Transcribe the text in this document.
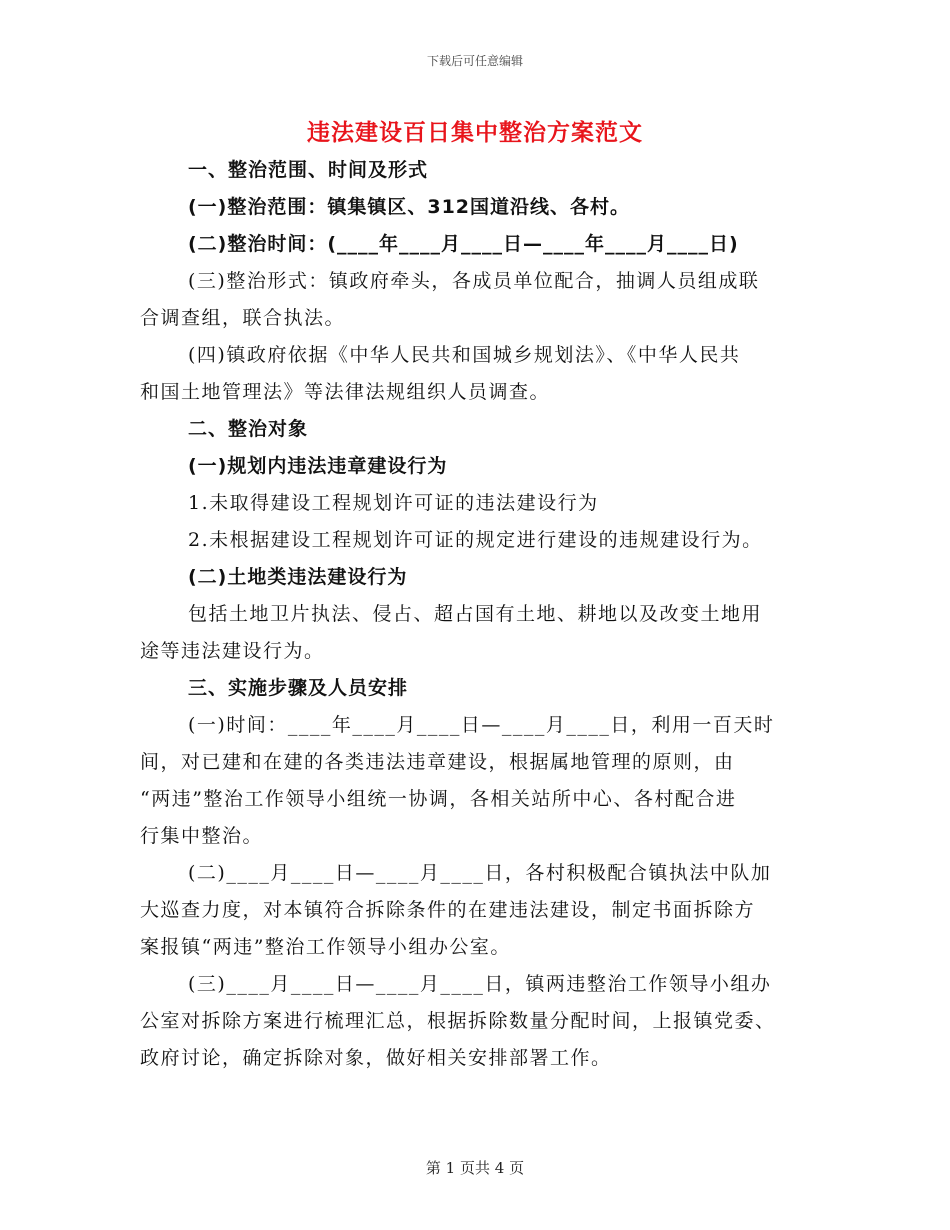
下载后可任意编辑
违法建设百日集中整治方案范文
一、整治范围、时间及形式
(一)整治范围：镇集镇区、312国道沿线、各村。
(二)整治时间：(____年____月____日—____年____月____日)
(三)整治形式：镇政府牵头，各成员单位配合，抽调人员组成联
合调查组，联合执法。
(四)镇政府依据《中华人民共和国城乡规划法》、《中华人民共
和国土地管理法》等法律法规组织人员调查。
二、整治对象
(一)规划内违法违章建设行为
1.未取得建设工程规划许可证的违法建设行为
2.未根据建设工程规划许可证的规定进行建设的违规建设行为。
(二)土地类违法建设行为
包括土地卫片执法、侵占、超占国有土地、耕地以及改变土地用
途等违法建设行为。
三、实施步骤及人员安排
(一)时间：____年____月____日—____月____日，利用一百天时
间，对已建和在建的各类违法违章建设，根据属地管理的原则，由
“两违”整治工作领导小组统一协调，各相关站所中心、各村配合进
行集中整治。
(二)____月____日—____月____日，各村积极配合镇执法中队加
大巡查力度，对本镇符合拆除条件的在建违法建设，制定书面拆除方
案报镇“两违”整治工作领导小组办公室。
(三)____月____日—____月____日，镇两违整治工作领导小组办
公室对拆除方案进行梳理汇总，根据拆除数量分配时间，上报镇党委、
政府讨论，确定拆除对象，做好相关安排部署工作。
第 1 页共 4 页
